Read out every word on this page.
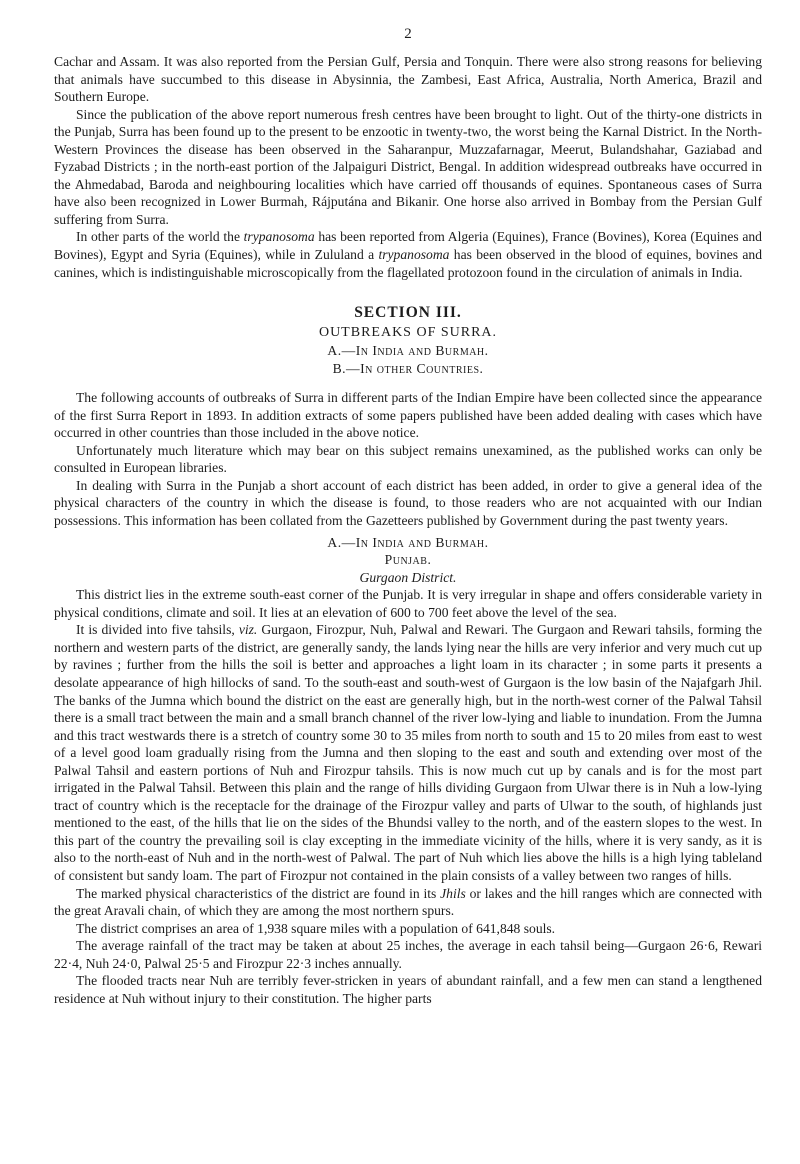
2

Cachar and Assam. It was also reported from the Persian Gulf, Persia and Tonquin. There were also strong reasons for believing that animals have succumbed to this disease in Abysinnia, the Zambesi, East Africa, Australia, North America, Brazil and Southern Europe.

Since the publication of the above report numerous fresh centres have been brought to light. Out of the thirty-one districts in the Punjab, Surra has been found up to the present to be enzootic in twenty-two, the worst being the Karnal District. In the North-Western Provinces the disease has been observed in the Saharanpur, Muzzafarnagar, Meerut, Bulandshahar, Gaziabad and Fyzabad Districts ; in the north-east portion of the Jalpaiguri District, Bengal. In addition widespread outbreaks have occurred in the Ahmedabad, Baroda and neighbouring localities which have carried off thousands of equines. Spontaneous cases of Surra have also been recognized in Lower Burmah, Rájputána and Bikanir. One horse also arrived in Bombay from the Persian Gulf suffering from Surra.

In other parts of the world the trypanosoma has been reported from Algeria (Equines), France (Bovines), Korea (Equines and Bovines), Egypt and Syria (Equines), while in Zululand a trypanosoma has been observed in the blood of equines, bovines and canines, which is indistinguishable microscopically from the flagellated protozoon found in the circulation of animals in India.

SECTION III.
OUTBREAKS OF SURRA.
A.—In India and Burmah.
B.—In other Countries.

The following accounts of outbreaks of Surra in different parts of the Indian Empire have been collected since the appearance of the first Surra Report in 1893. In addition extracts of some papers published have been added dealing with cases which have occurred in other countries than those included in the above notice.

Unfortunately much literature which may bear on this subject remains unexamined, as the published works can only be consulted in European libraries.

In dealing with Surra in the Punjab a short account of each district has been added, in order to give a general idea of the physical characters of the country in which the disease is found, to those readers who are not acquainted with our Indian possessions. This information has been collated from the Gazetteers published by Government during the past twenty years.

A.—In India and Burmah.
Punjab.
Gurgaon District.

This district lies in the extreme south-east corner of the Punjab. It is very irregular in shape and offers considerable variety in physical conditions, climate and soil. It lies at an elevation of 600 to 700 feet above the level of the sea.

It is divided into five tahsils, viz. Gurgaon, Firozpur, Nuh, Palwal and Rewari. The Gurgaon and Rewari tahsils, forming the northern and western parts of the district, are generally sandy, the lands lying near the hills are very inferior and very much cut up by ravines ; further from the hills the soil is better and approaches a light loam in its character ; in some parts it presents a desolate appearance of high hillocks of sand. To the south-east and south-west of Gurgaon is the low basin of the Najafgarh Jhil. The banks of the Jumna which bound the district on the east are generally high, but in the north-west corner of the Palwal Tahsil there is a small tract between the main and a small branch channel of the river low-lying and liable to inundation. From the Jumna and this tract westwards there is a stretch of country some 30 to 35 miles from north to south and 15 to 20 miles from east to west of a level good loam gradually rising from the Jumna and then sloping to the east and south and extending over most of the Palwal Tahsil and eastern portions of Nuh and Firozpur tahsils. This is now much cut up by canals and is for the most part irrigated in the Palwal Tahsil. Between this plain and the range of hills dividing Gurgaon from Ulwar there is in Nuh a low-lying tract of country which is the receptacle for the drainage of the Firozpur valley and parts of Ulwar to the south, of highlands just mentioned to the east, of the hills that lie on the sides of the Bhundsi valley to the north, and of the eastern slopes to the west. In this part of the country the prevailing soil is clay excepting in the immediate vicinity of the hills, where it is very sandy, as it is also to the north-east of Nuh and in the north-west of Palwal. The part of Nuh which lies above the hills is a high lying tableland of consistent but sandy loam. The part of Firozpur not contained in the plain consists of a valley between two ranges of hills.

The marked physical characteristics of the district are found in its Jhils or lakes and the hill ranges which are connected with the great Aravali chain, of which they are among the most northern spurs.

The district comprises an area of 1,938 square miles with a population of 641,848 souls.

The average rainfall of the tract may be taken at about 25 inches, the average in each tahsil being—Gurgaon 26·6, Rewari 22·4, Nuh 24·0, Palwal 25·5 and Firozpur 22·3 inches annually.

The flooded tracts near Nuh are terribly fever-stricken in years of abundant rainfall, and a few men can stand a lengthened residence at Nuh without injury to their constitution. The higher parts
